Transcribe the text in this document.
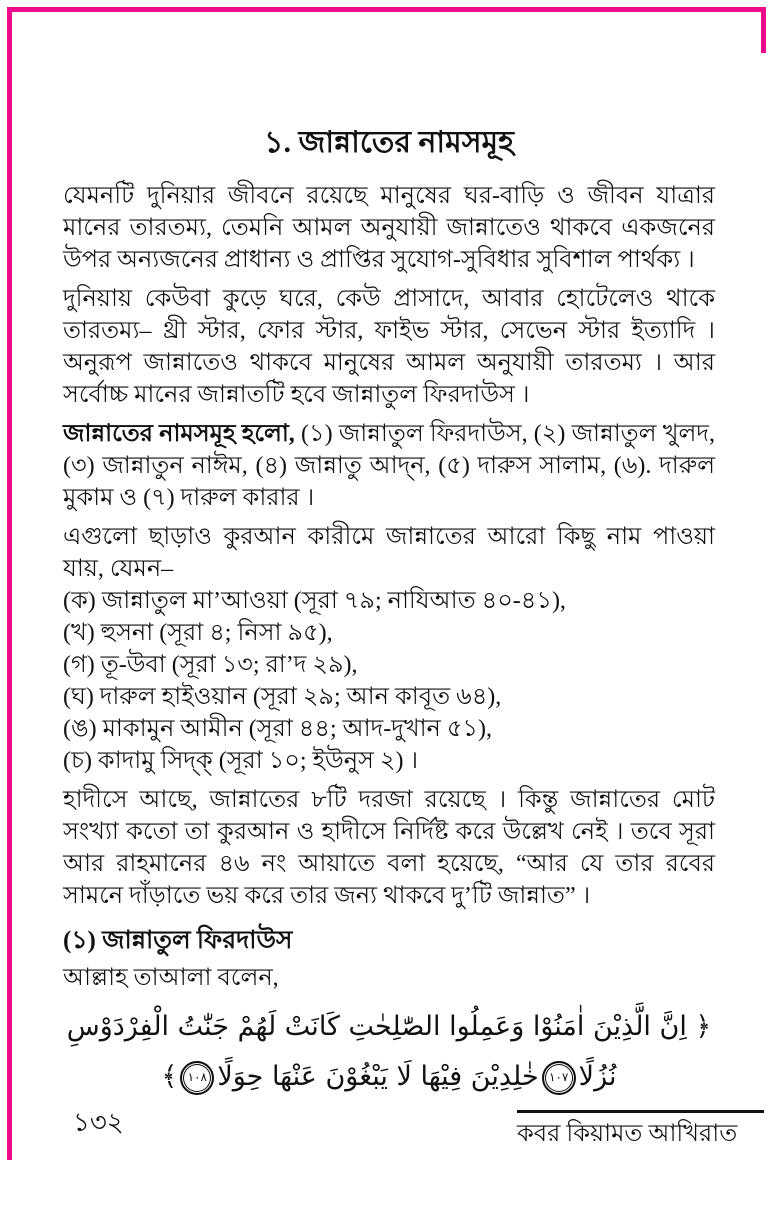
১. জান্নাতের নামসমূহ
যেমনটি দুনিয়ার জীবনে রয়েছে মানুষের ঘর-বাড়ি ও জীবন যাত্রার মানের তারতম্য, তেমনি আমল অনুযায়ী জান্নাতেও থাকবে একজনের উপর অন্যজনের প্রাধান্য ও প্রাপ্তির সুযোগ-সুবিধার সুবিশাল পার্থক্য ।
দুনিয়ায় কেউবা কুড়ে ঘরে, কেউ প্রাসাদে, আবার হোটেলেও থাকে তারতম্য– থ্রী স্টার, ফোর স্টার, ফাইভ স্টার, সেভেন স্টার ইত্যাদি । অনুরূপ জান্নাতেও থাকবে মানুষের আমল অনুযায়ী তারতম্য । আর সর্বোচ্চ মানের জান্নাতটি হবে জান্নাতুল ফিরদাউস ।
জান্নাতের নামসমূহ হলো, (১) জান্নাতুল ফিরদাউস, (২) জান্নাতুল খুলদ, (৩) জান্নাতুন নাঈম, (৪) জান্নাতু আদ্‌ন, (৫) দারুস সালাম, (৬). দারুল মুকাম ও (৭) দারুল কারার ।
এগুলো ছাড়াও কুরআন কারীমে জান্নাতের আরো কিছু নাম পাওয়া যায়, যেমন–
(ক) জান্নাতুল মা’আওয়া (সূরা ৭৯; নাযিআত ৪০-৪১),
(খ) হুসনা (সূরা ৪; নিসা ৯৫),
(গ) তূ-উবা (সূরা ১৩; রা’দ ২৯),
(ঘ) দারুল হাইওয়ান (সূরা ২৯; আন কাবূত ৬৪),
(ঙ) মাকামুন আমীন (সূরা ৪৪; আদ-দুখান ৫১),
(চ) কাদামু সিদ্‌ক্ (সূরা ১০; ইউনুস ২) ।
হাদীসে আছে, জান্নাতের ৮টি দরজা রয়েছে । কিন্তু জান্নাতের মোট সংখ্যা কতো তা কুরআন ও হাদীসে নির্দিষ্ট করে উল্লেখ নেই । তবে সূরা আর রাহমানের ৪৬ নং আয়াতে বলা হয়েছে, “আর যে তার রবের সামনে দাঁড়াতে ভয় করে তার জন্য থাকবে দু’টি জান্নাত” ।
(১) জান্নাতুল ফিরদাউস
আল্লাহ তাআলা বলেন,
﴿ اِنَّ الَّذِيْنَ اٰمَنُوْا وَعَمِلُوا الصّٰلِحٰتِ كَانَتْ لَهُمْ جَنّٰتُ الْفِرْدَوْسِ
نُزُلًا١٠٧خٰلِدِيْنَ فِيْهَا لَا يَبْغُوْنَ عَنْهَا حِوَلًا١٠٨﴾
১৩২	কবর কিয়ামত আখিরাত
